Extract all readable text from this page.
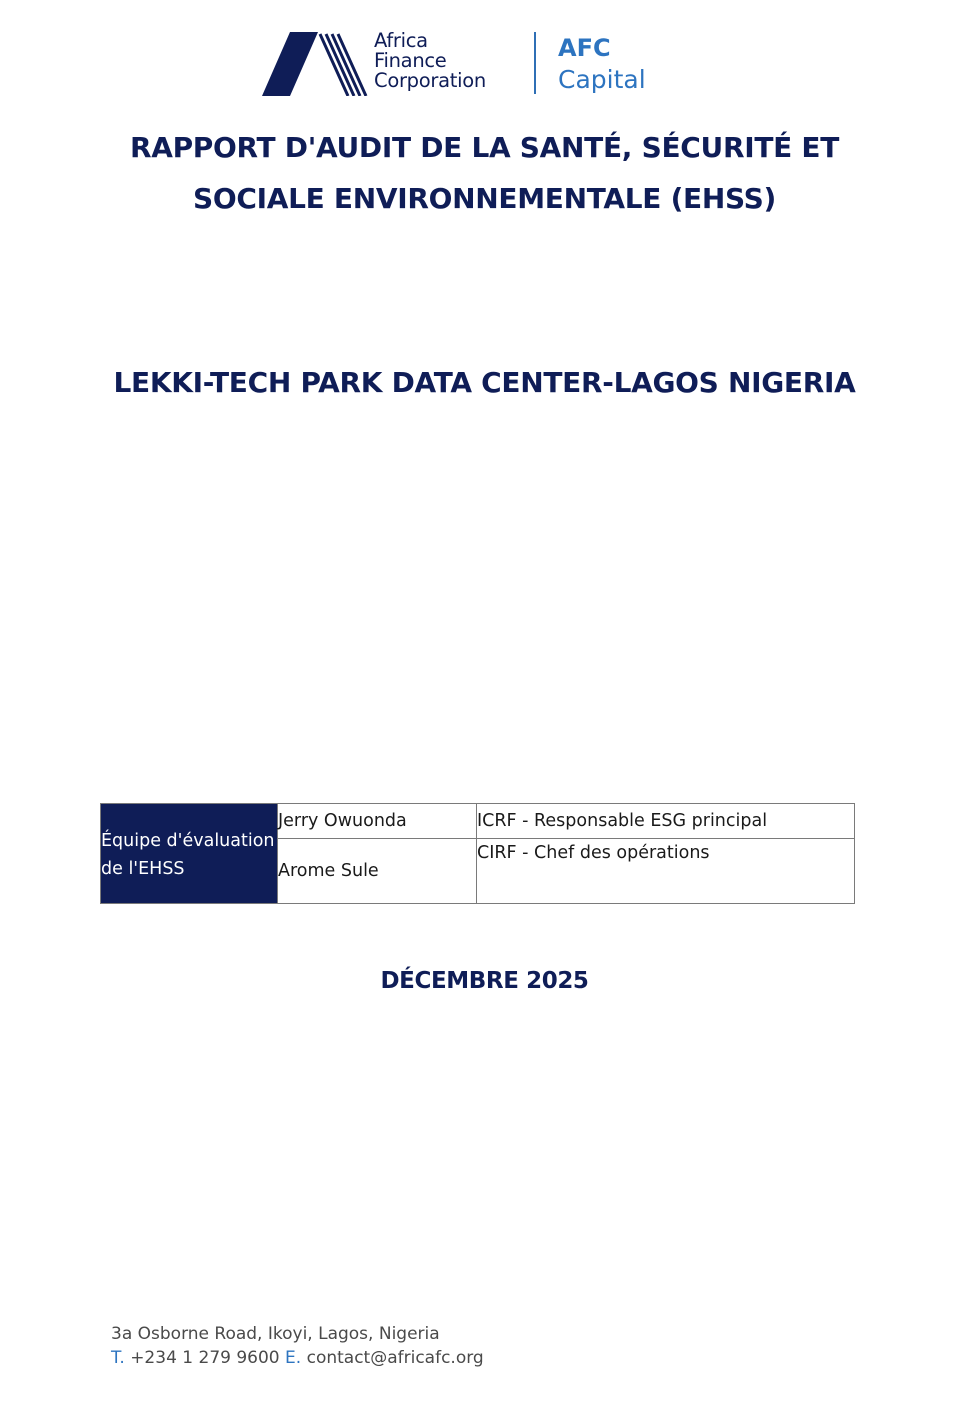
Africa
Finance
Corporation
AFC
Capital
RAPPORT D'AUDIT DE LA SANTÉ, SÉCURITÉ ET
SOCIALE ENVIRONNEMENTALE (EHSS)
LEKKI-TECH PARK DATA CENTER-LAGOS NIGERIA
Équipe d'évaluation de l'EHSS	Jerry Owuonda	ICRF - Responsable ESG principal
	Arome Sule	CIRF - Chef des opérations
DÉCEMBRE 2025
3a Osborne Road, Ikoyi, Lagos, Nigeria
T. +234 1 279 9600 E. contact@africafc.org
